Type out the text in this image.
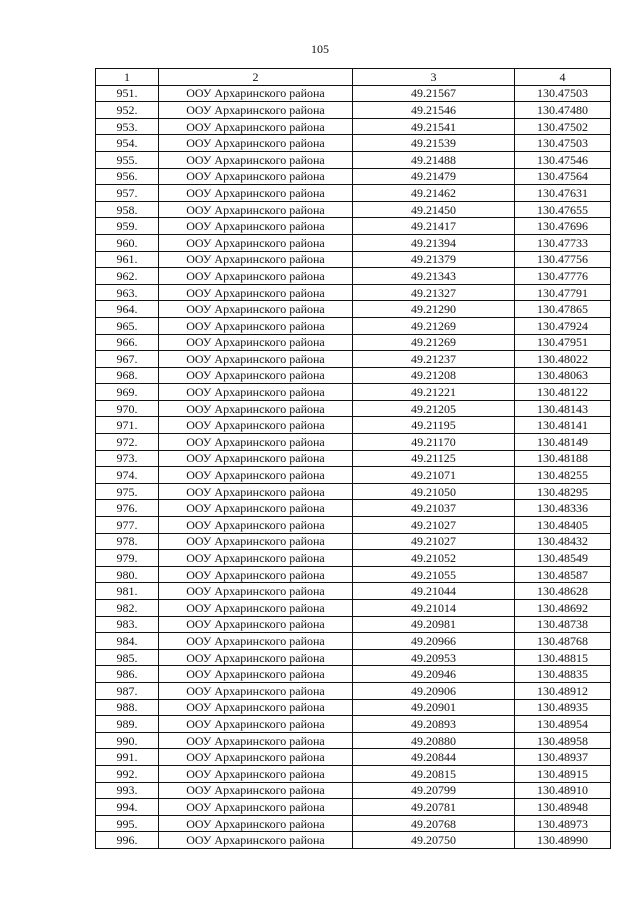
105
1	2	3	4
951.	ООУ Архаринского района	49.21567	130.47503
952.	ООУ Архаринского района	49.21546	130.47480
953.	ООУ Архаринского района	49.21541	130.47502
954.	ООУ Архаринского района	49.21539	130.47503
955.	ООУ Архаринского района	49.21488	130.47546
956.	ООУ Архаринского района	49.21479	130.47564
957.	ООУ Архаринского района	49.21462	130.47631
958.	ООУ Архаринского района	49.21450	130.47655
959.	ООУ Архаринского района	49.21417	130.47696
960.	ООУ Архаринского района	49.21394	130.47733
961.	ООУ Архаринского района	49.21379	130.47756
962.	ООУ Архаринского района	49.21343	130.47776
963.	ООУ Архаринского района	49.21327	130.47791
964.	ООУ Архаринского района	49.21290	130.47865
965.	ООУ Архаринского района	49.21269	130.47924
966.	ООУ Архаринского района	49.21269	130.47951
967.	ООУ Архаринского района	49.21237	130.48022
968.	ООУ Архаринского района	49.21208	130.48063
969.	ООУ Архаринского района	49.21221	130.48122
970.	ООУ Архаринского района	49.21205	130.48143
971.	ООУ Архаринского района	49.21195	130.48141
972.	ООУ Архаринского района	49.21170	130.48149
973.	ООУ Архаринского района	49.21125	130.48188
974.	ООУ Архаринского района	49.21071	130.48255
975.	ООУ Архаринского района	49.21050	130.48295
976.	ООУ Архаринского района	49.21037	130.48336
977.	ООУ Архаринского района	49.21027	130.48405
978.	ООУ Архаринского района	49.21027	130.48432
979.	ООУ Архаринского района	49.21052	130.48549
980.	ООУ Архаринского района	49.21055	130.48587
981.	ООУ Архаринского района	49.21044	130.48628
982.	ООУ Архаринского района	49.21014	130.48692
983.	ООУ Архаринского района	49.20981	130.48738
984.	ООУ Архаринского района	49.20966	130.48768
985.	ООУ Архаринского района	49.20953	130.48815
986.	ООУ Архаринского района	49.20946	130.48835
987.	ООУ Архаринского района	49.20906	130.48912
988.	ООУ Архаринского района	49.20901	130.48935
989.	ООУ Архаринского района	49.20893	130.48954
990.	ООУ Архаринского района	49.20880	130.48958
991.	ООУ Архаринского района	49.20844	130.48937
992.	ООУ Архаринского района	49.20815	130.48915
993.	ООУ Архаринского района	49.20799	130.48910
994.	ООУ Архаринского района	49.20781	130.48948
995.	ООУ Архаринского района	49.20768	130.48973
996.	ООУ Архаринского района	49.20750	130.48990
